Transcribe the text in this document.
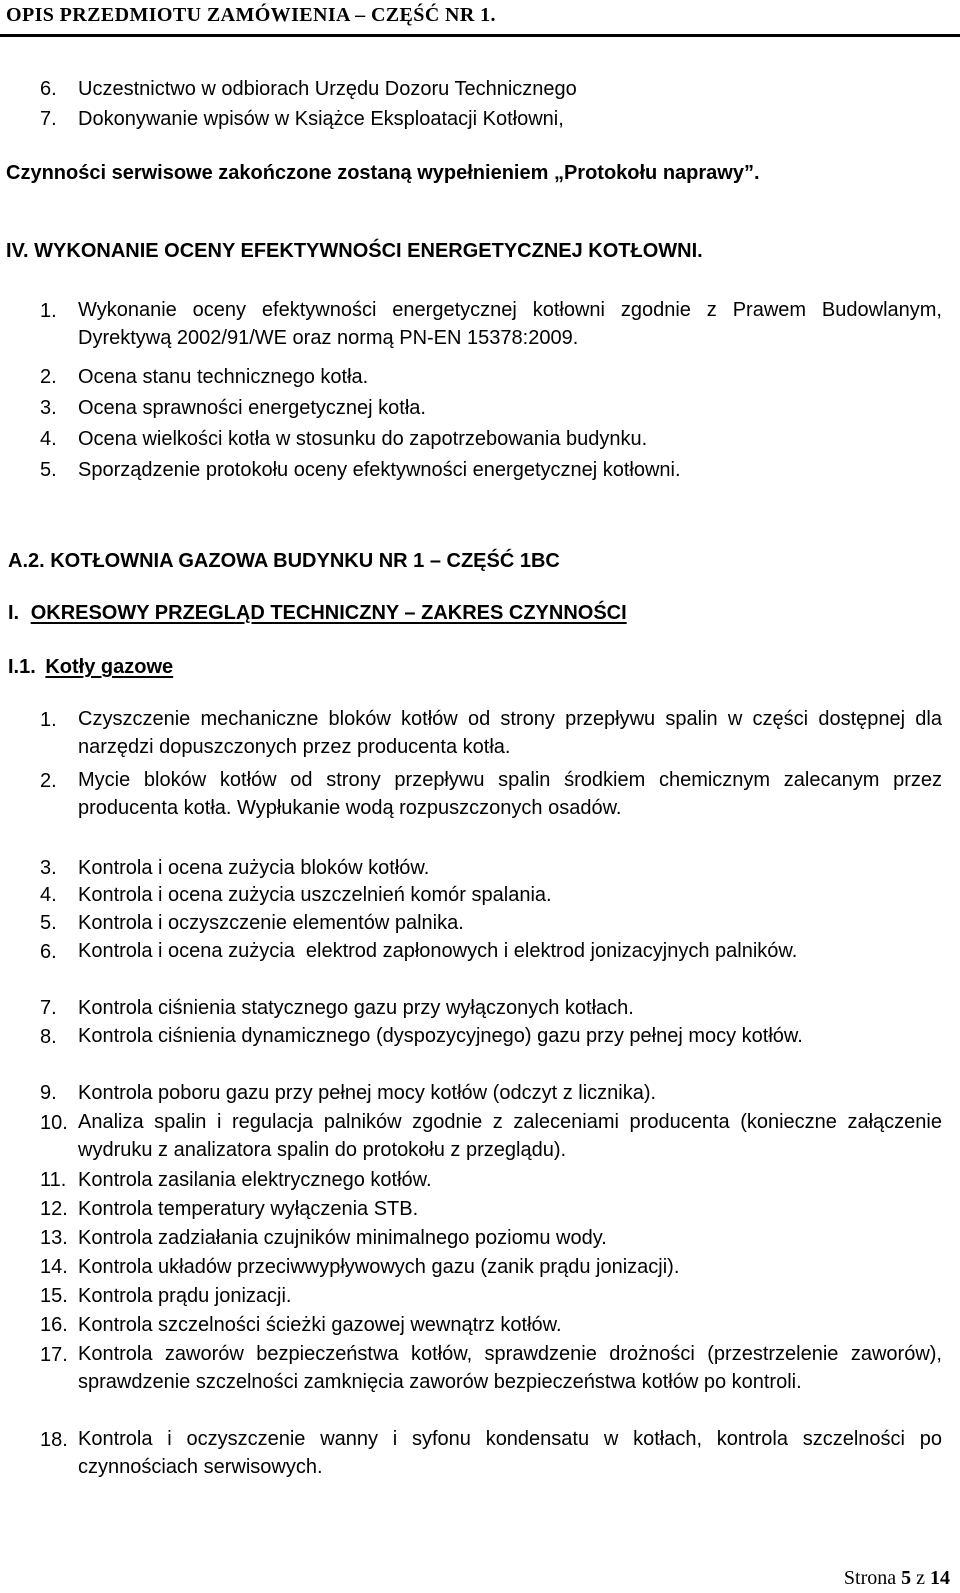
OPIS PRZEDMIOTU ZAMÓWIENIA – CZĘŚĆ NR 1.
6. Uczestnictwo w odbiorach Urzędu Dozoru Technicznego
7. Dokonywanie wpisów w Książce Eksploatacji Kotłowni,
Czynności serwisowe zakończone zostaną wypełnieniem „Protokołu naprawy”.
IV. WYKONANIE OCENY EFEKTYWNOŚCI ENERGETYCZNEJ KOTŁOWNI.
1. Wykonanie oceny efektywności energetycznej kotłowni zgodnie z Prawem Budowlanym, Dyrektywą 2002/91/WE oraz normą PN-EN 15378:2009.
2. Ocena stanu technicznego kotła.
3. Ocena sprawności energetycznej kotła.
4. Ocena wielkości kotła w stosunku do zapotrzebowania budynku.
5. Sporządzenie protokołu oceny efektywności energetycznej kotłowni.
A.2. KOTŁOWNIA GAZOWA BUDYNKU NR 1 – CZĘŚĆ 1BC
I. OKRESOWY PRZEGLĄD TECHNICZNY – ZAKRES CZYNNOŚCI
I.1. Kotły gazowe
1. Czyszczenie mechaniczne bloków kotłów od strony przepływu spalin w części dostępnej dla narzędzi dopuszczonych przez producenta kotła.
2. Mycie bloków kotłów od strony przepływu spalin środkiem chemicznym zalecanym przez producenta kotła. Wypłukanie wodą rozpuszczonych osadów.
3. Kontrola i ocena zużycia bloków kotłów.
4. Kontrola i ocena zużycia uszczelnień komór spalania.
5. Kontrola i oczyszczenie elementów palnika.
6. Kontrola i ocena zużycia  elektrod zapłonowych i elektrod jonizacyjnych palników.
7. Kontrola ciśnienia statycznego gazu przy wyłączonych kotłach.
8. Kontrola ciśnienia dynamicznego (dyspozycyjnego) gazu przy pełnej mocy kotłów.
9. Kontrola poboru gazu przy pełnej mocy kotłów (odczyt z licznika).
10. Analiza spalin i regulacja palników zgodnie z zaleceniami producenta (konieczne załączenie wydruku z analizatora spalin do protokołu z przeglądu).
11. Kontrola zasilania elektrycznego kotłów.
12. Kontrola temperatury wyłączenia STB.
13. Kontrola zadziałania czujników minimalnego poziomu wody.
14. Kontrola układów przeciwwypływowych gazu (zanik prądu jonizacji).
15. Kontrola prądu jonizacji.
16. Kontrola szczelności ścieżki gazowej wewnątrz kotłów.
17. Kontrola zaworów bezpieczeństwa kotłów, sprawdzenie drożności (przestrzelenie zaworów), sprawdzenie szczelności zamknięcia zaworów bezpieczeństwa kotłów po kontroli.
18. Kontrola i oczyszczenie wanny i syfonu kondensatu w kotłach, kontrola szczelności po czynnościach serwisowych.
Strona 5 z 14
